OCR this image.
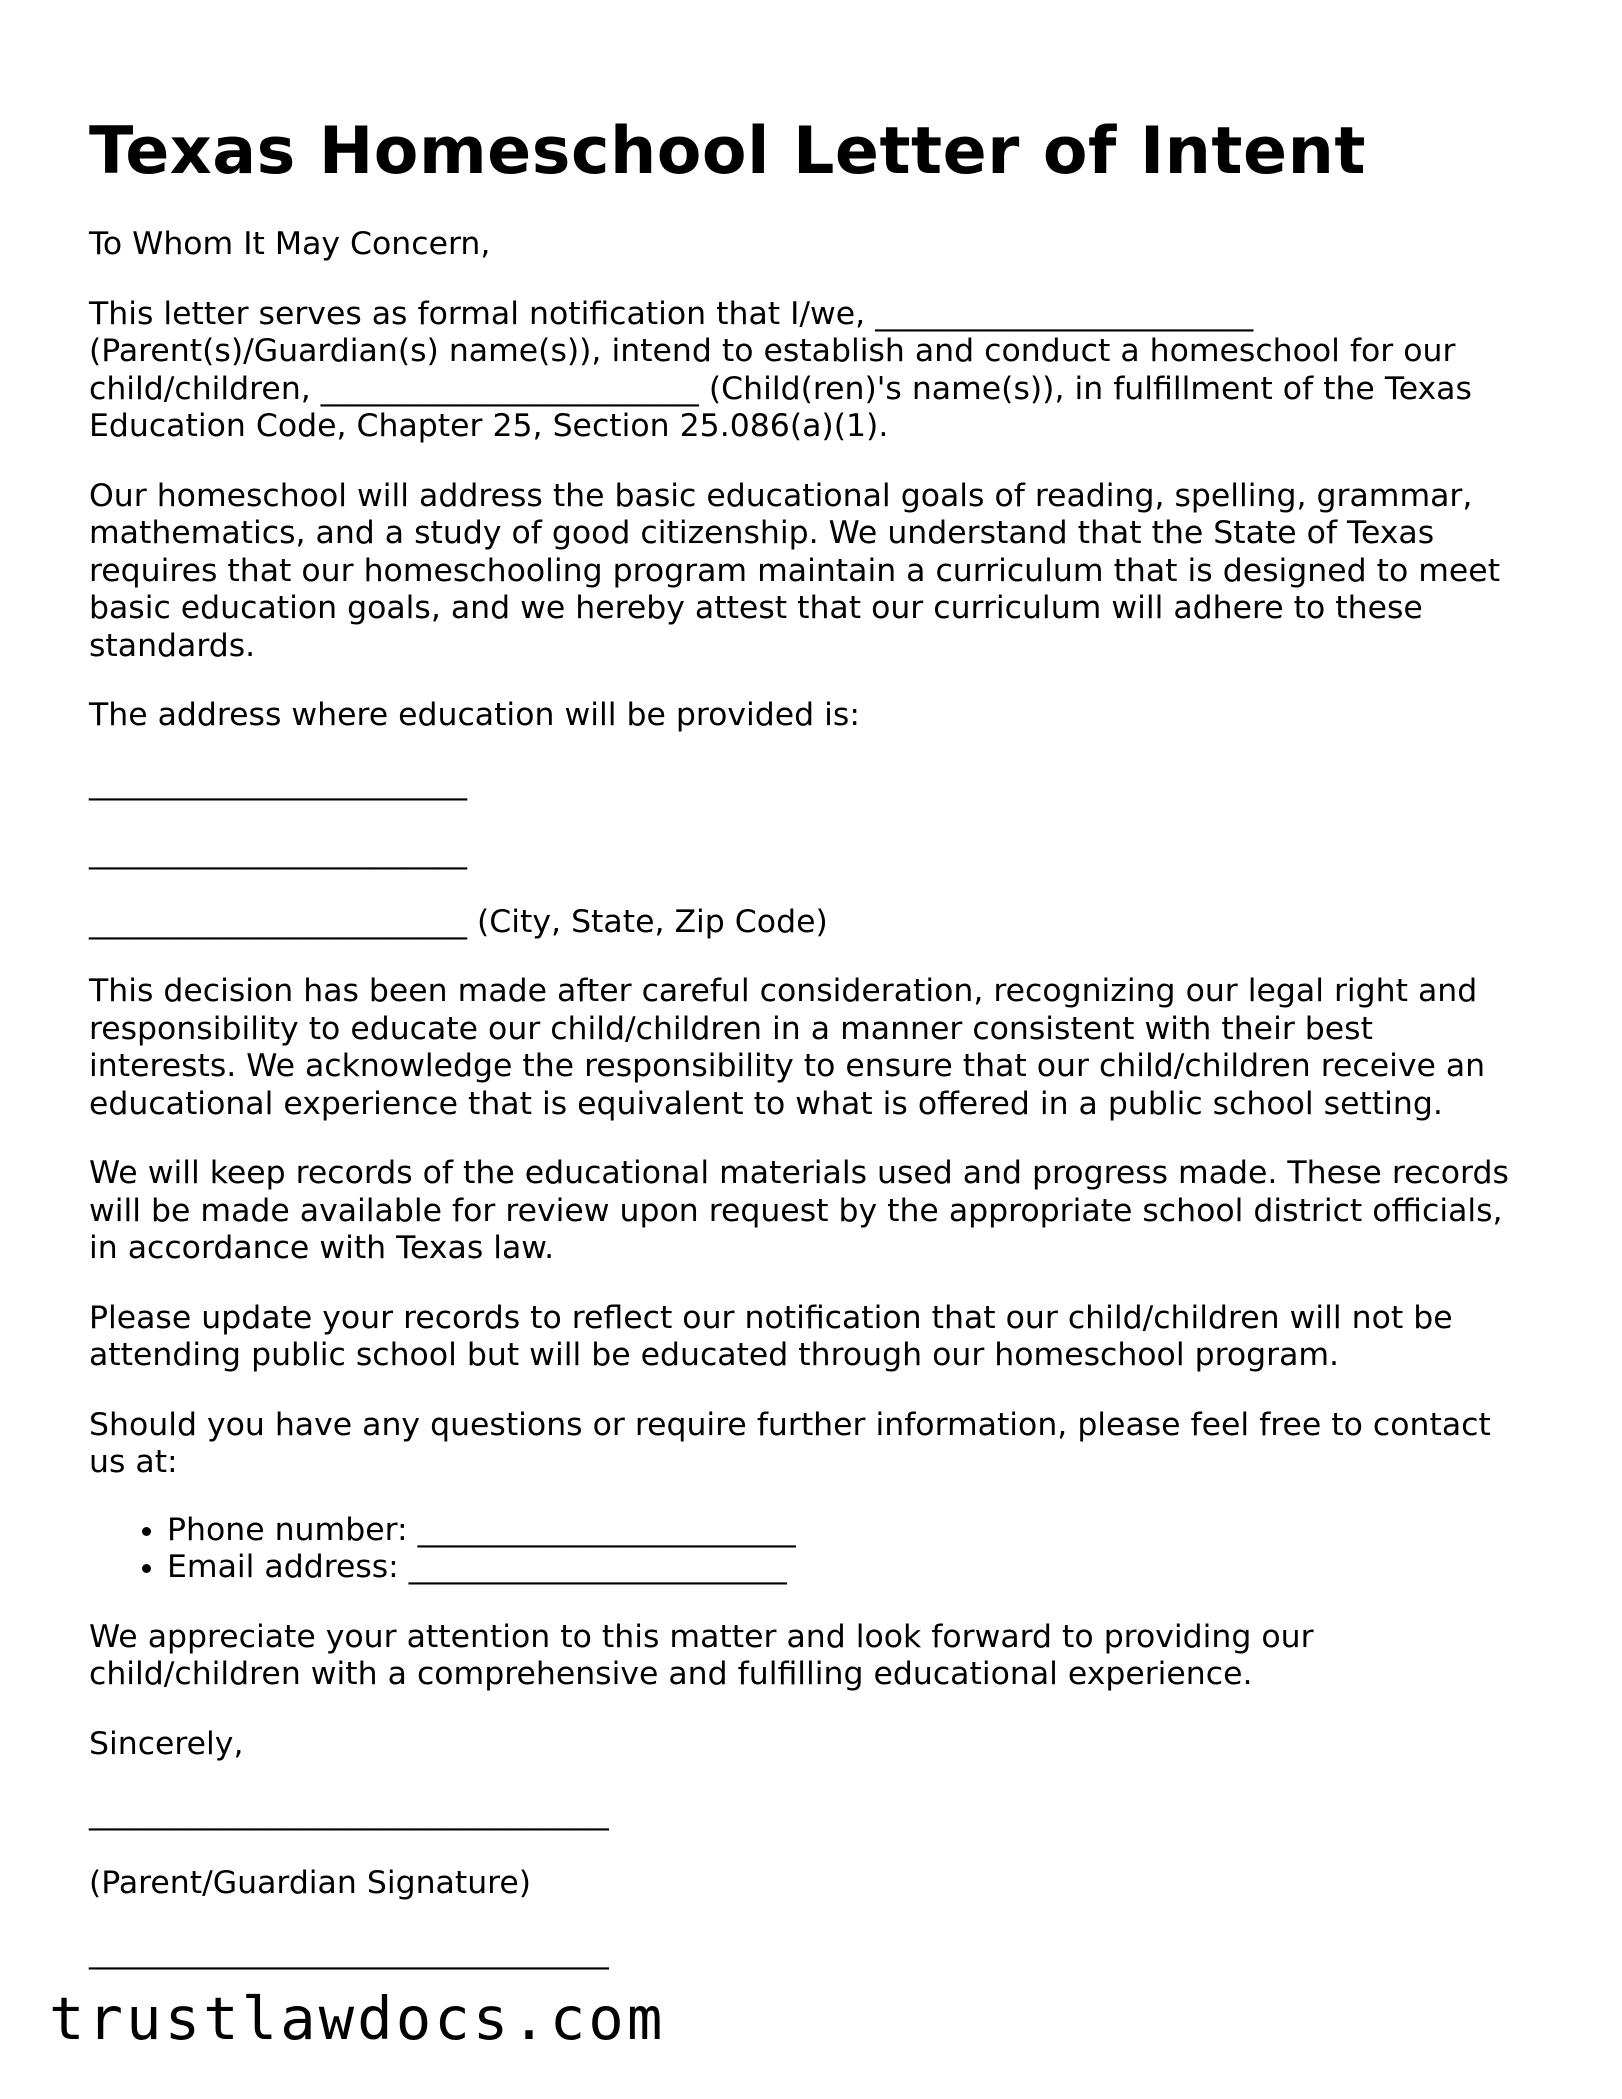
Texas Homeschool Letter of Intent

To Whom It May Concern,

This letter serves as formal notification that I/we, ________________________ (Parent(s)/Guardian(s) name(s)), intend to establish and conduct a homeschool for our child/children, ________________________ (Child(ren)'s name(s)), in fulfillment of the Texas Education Code, Chapter 25, Section 25.086(a)(1).

Our homeschool will address the basic educational goals of reading, spelling, grammar, mathematics, and a study of good citizenship. We understand that the State of Texas requires that our homeschooling program maintain a curriculum that is designed to meet basic education goals, and we hereby attest that our curriculum will adhere to these standards.

The address where education will be provided is:

________________________

________________________

________________________ (City, State, Zip Code)

This decision has been made after careful consideration, recognizing our legal right and responsibility to educate our child/children in a manner consistent with their best interests. We acknowledge the responsibility to ensure that our child/children receive an educational experience that is equivalent to what is offered in a public school setting.

We will keep records of the educational materials used and progress made. These records will be made available for review upon request by the appropriate school district officials, in accordance with Texas law.

Please update your records to reflect our notification that our child/children will not be attending public school but will be educated through our homeschool program.

Should you have any questions or require further information, please feel free to contact us at:

• Phone number: ________________________
• Email address: ________________________

We appreciate your attention to this matter and look forward to providing our child/children with a comprehensive and fulfilling educational experience.

Sincerely,

_________________________________

(Parent/Guardian Signature)

_________________________________

trustlawdocs.com
